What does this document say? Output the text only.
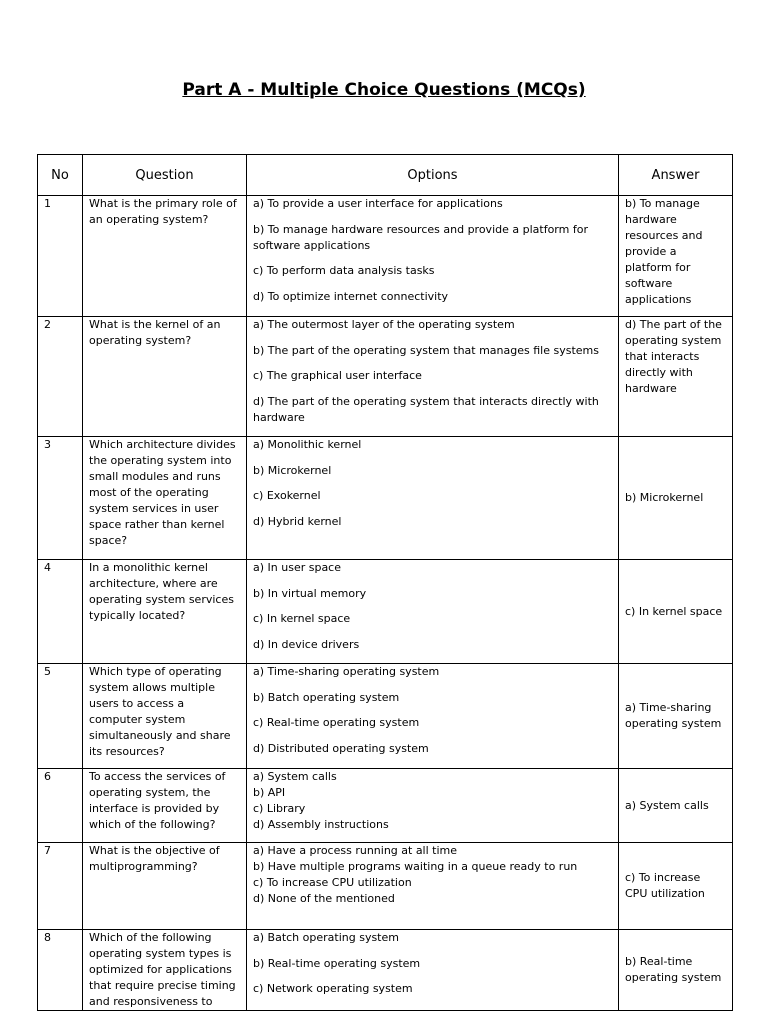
Part A - Multiple Choice Questions (MCQs)
No	Question	Options	Answer
1	What is the primary role of an operating system?	a) To provide a user interface for applications
b) To manage hardware resources and provide a platform for software applications
c) To perform data analysis tasks
d) To optimize internet connectivity	b) To manage hardware resources and provide a platform for software applications
2	What is the kernel of an operating system?	a) The outermost layer of the operating system
b) The part of the operating system that manages file systems
c) The graphical user interface
d) The part of the operating system that interacts directly with hardware	d) The part of the operating system that interacts directly with hardware
3	Which architecture divides the operating system into small modules and runs most of the operating system services in user space rather than kernel space?	a) Monolithic kernel
b) Microkernel
c) Exokernel
d) Hybrid kernel	b) Microkernel
4	In a monolithic kernel architecture, where are operating system services typically located?	a) In user space
b) In virtual memory
c) In kernel space
d) In device drivers	c) In kernel space
5	Which type of operating system allows multiple users to access a computer system simultaneously and share its resources?	a) Time-sharing operating system
b) Batch operating system
c) Real-time operating system
d) Distributed operating system	a) Time-sharing operating system
6	To access the services of operating system, the interface is provided by which of the following?	a) System calls
b) API
c) Library
d) Assembly instructions	a) System calls
7	What is the objective of multiprogramming?	a) Have a process running at all time
b) Have multiple programs waiting in a queue ready to run
c) To increase CPU utilization
d) None of the mentioned	c) To increase CPU utilization
8	Which of the following operating system types is optimized for applications that require precise timing and responsiveness to	a) Batch operating system
b) Real-time operating system
c) Network operating system	b) Real-time operating system
